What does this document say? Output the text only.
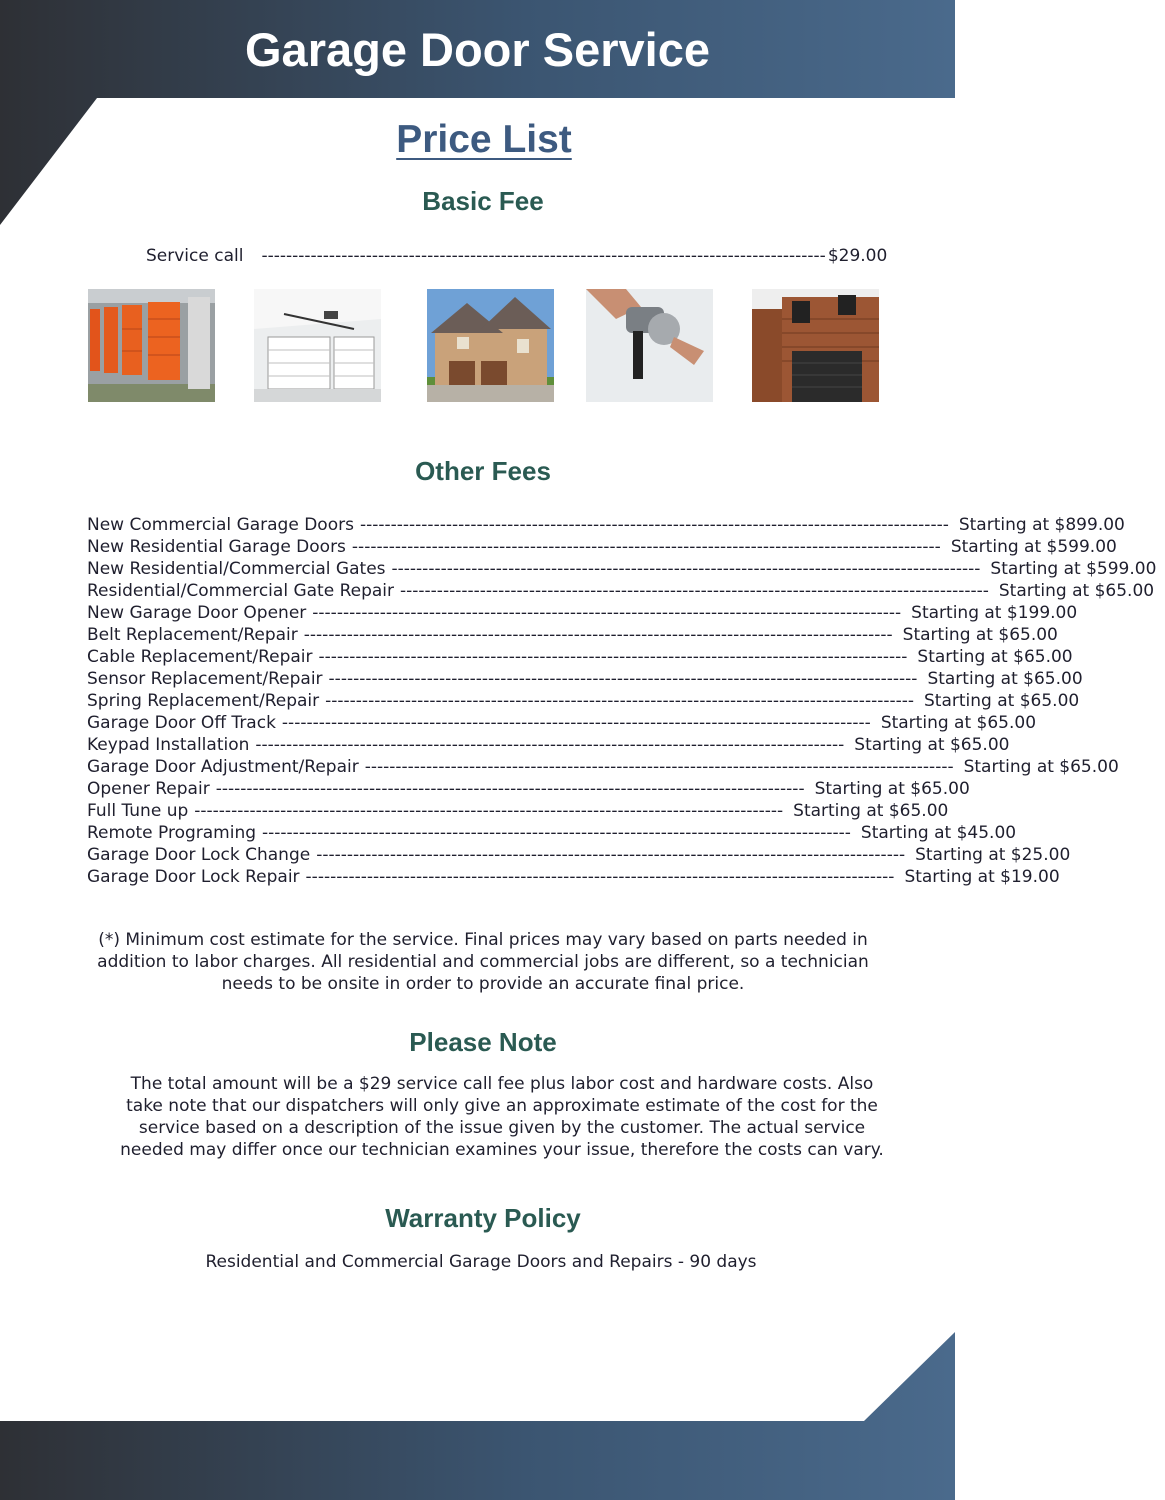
Garage Door Service
Price List
Basic Fee
Service call -------------------------------------------------------------------------------------------- $29.00
Other Fees
New Commercial Garage Doors ------------------------------------------------------------------------------------------------ Starting at $899.00
New Residential Garage Doors ------------------------------------------------------------------------------------------------ Starting at $599.00
New Residential/Commercial Gates ------------------------------------------------------------------------------------------------ Starting at $599.00
Residential/Commercial Gate Repair ------------------------------------------------------------------------------------------------ Starting at $65.00
New Garage Door Opener ------------------------------------------------------------------------------------------------ Starting at $199.00
Belt Replacement/Repair ------------------------------------------------------------------------------------------------ Starting at $65.00
Cable Replacement/Repair ------------------------------------------------------------------------------------------------ Starting at $65.00
Sensor Replacement/Repair ------------------------------------------------------------------------------------------------ Starting at $65.00
Spring Replacement/Repair ------------------------------------------------------------------------------------------------ Starting at $65.00
Garage Door Off Track ------------------------------------------------------------------------------------------------ Starting at $65.00
Keypad Installation ------------------------------------------------------------------------------------------------ Starting at $65.00
Garage Door Adjustment/Repair ------------------------------------------------------------------------------------------------ Starting at $65.00
Opener Repair ------------------------------------------------------------------------------------------------ Starting at $65.00
Full Tune up ------------------------------------------------------------------------------------------------ Starting at $65.00
Remote Programing ------------------------------------------------------------------------------------------------ Starting at $45.00
Garage Door Lock Change ------------------------------------------------------------------------------------------------ Starting at $25.00
Garage Door Lock Repair ------------------------------------------------------------------------------------------------ Starting at $19.00

(*) Minimum cost estimate for the service. Final prices may vary based on parts needed in
addition to labor charges. All residential and commercial jobs are different, so a technician
needs to be onsite in order to provide an accurate final price.

Please Note

The total amount will be a $29 service call fee plus labor cost and hardware costs. Also
take note that our dispatchers will only give an approximate estimate of the cost for the
service based on a description of the issue given by the customer. The actual service
needed may differ once our technician examines your issue, therefore the costs can vary.

Warranty Policy

Residential and Commercial Garage Doors and Repairs - 90 days
